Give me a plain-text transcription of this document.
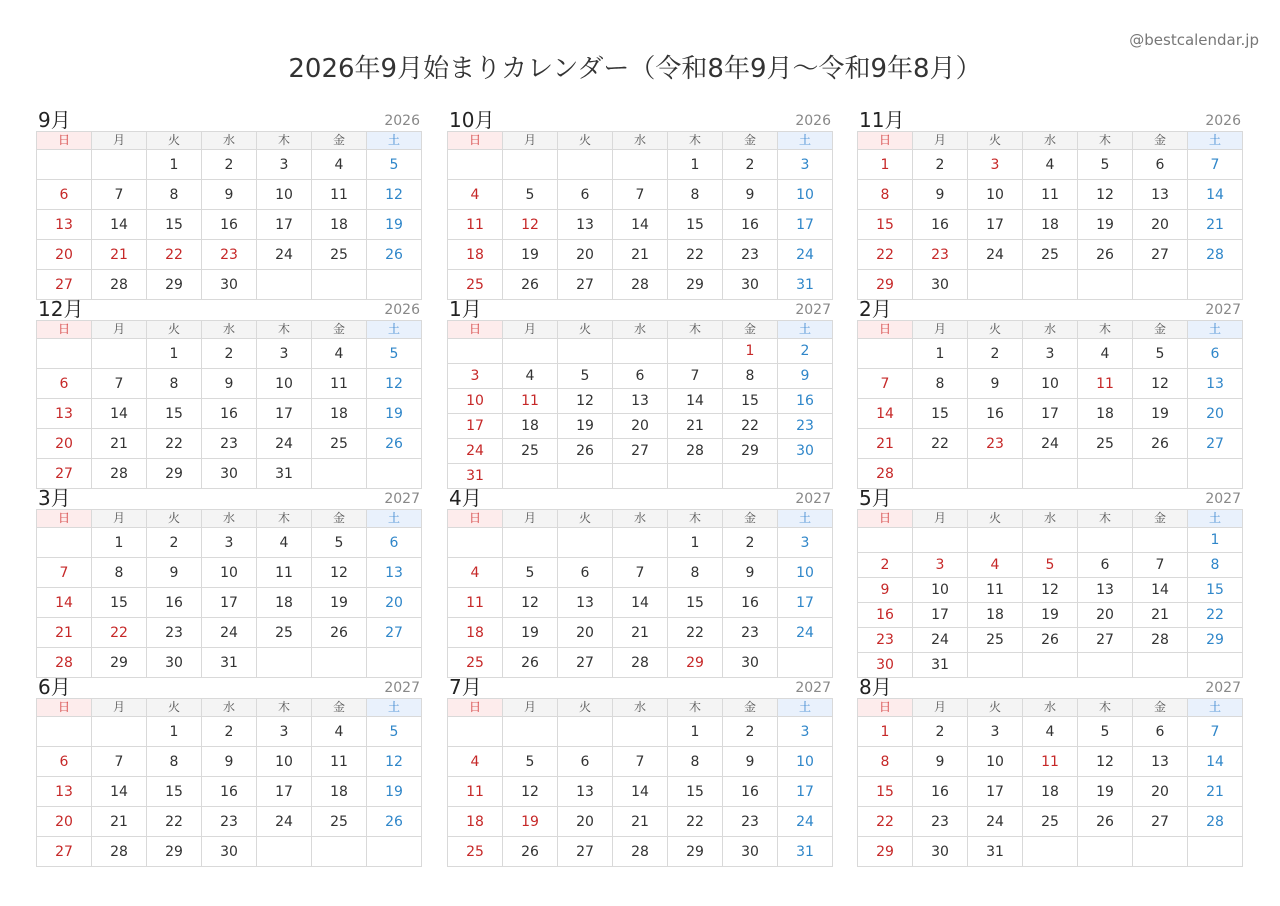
@bestcalendar.jp
2026年9月始まりカレンダー（令和8年9月〜令和9年8月）
9月	2026
日	月	火	水	木	金	土
		1	2	3	4	5
6	7	8	9	10	11	12
13	14	15	16	17	18	19
20	21	22	23	24	25	26
27	28	29	30			
10月	2026
日	月	火	水	木	金	土
				1	2	3
4	5	6	7	8	9	10
11	12	13	14	15	16	17
18	19	20	21	22	23	24
25	26	27	28	29	30	31
11月	2026
日	月	火	水	木	金	土
1	2	3	4	5	6	7
8	9	10	11	12	13	14
15	16	17	18	19	20	21
22	23	24	25	26	27	28
29	30					
12月	2026
日	月	火	水	木	金	土
		1	2	3	4	5
6	7	8	9	10	11	12
13	14	15	16	17	18	19
20	21	22	23	24	25	26
27	28	29	30	31		
1月	2027
日	月	火	水	木	金	土
					1	2
3	4	5	6	7	8	9
10	11	12	13	14	15	16
17	18	19	20	21	22	23
24	25	26	27	28	29	30
31						
2月	2027
日	月	火	水	木	金	土
	1	2	3	4	5	6
7	8	9	10	11	12	13
14	15	16	17	18	19	20
21	22	23	24	25	26	27
28						
3月	2027
日	月	火	水	木	金	土
	1	2	3	4	5	6
7	8	9	10	11	12	13
14	15	16	17	18	19	20
21	22	23	24	25	26	27
28	29	30	31			
4月	2027
日	月	火	水	木	金	土
				1	2	3
4	5	6	7	8	9	10
11	12	13	14	15	16	17
18	19	20	21	22	23	24
25	26	27	28	29	30	
5月	2027
日	月	火	水	木	金	土
						1
2	3	4	5	6	7	8
9	10	11	12	13	14	15
16	17	18	19	20	21	22
23	24	25	26	27	28	29
30	31					
6月	2027
日	月	火	水	木	金	土
		1	2	3	4	5
6	7	8	9	10	11	12
13	14	15	16	17	18	19
20	21	22	23	24	25	26
27	28	29	30			
7月	2027
日	月	火	水	木	金	土
				1	2	3
4	5	6	7	8	9	10
11	12	13	14	15	16	17
18	19	20	21	22	23	24
25	26	27	28	29	30	31
8月	2027
日	月	火	水	木	金	土
1	2	3	4	5	6	7
8	9	10	11	12	13	14
15	16	17	18	19	20	21
22	23	24	25	26	27	28
29	30	31				
